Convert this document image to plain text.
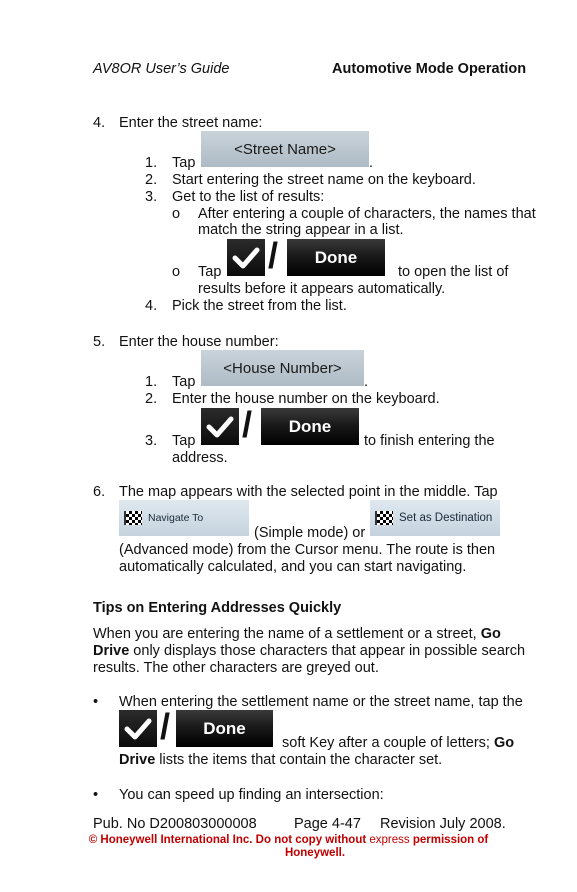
AV8OR User’s Guide	Automotive Mode Operation
4. Enter the street name:
1. Tap
<Street Name>
.
2. Start entering the street name on the keyboard.
3. Get to the list of results:
o After entering a couple of characters, the names that
match the string appear in a list.
o Tap /	Done
to open the list of
results before it appears automatically.
4. Pick the street from the list.
5. Enter the house number:
1. Tap
<House Number>
.
2. Enter the house number on the keyboard.
3. Tap /	Done
to finish entering the
address.
6. The map appears with the selected point in the middle. Tap
Navigate To
(Simple mode) or
Set as Destination
(Advanced mode) from the Cursor menu. The route is then
automatically calculated, and you can start navigating.
Tips on Entering Addresses Quickly
When you are entering the name of a settlement or a street, Go
Drive only displays those characters that appear in possible search
results. The other characters are greyed out.
• When entering the settlement name or the street name, tap the
/	Done
soft Key after a couple of letters; Go
Drive lists the items that contain the character set.
• You can speed up finding an intersection:
Pub. No D200803000008	Page 4-47 Revision July 2008.
© Honeywell International Inc. Do not copy without express permission of
Honeywell.
